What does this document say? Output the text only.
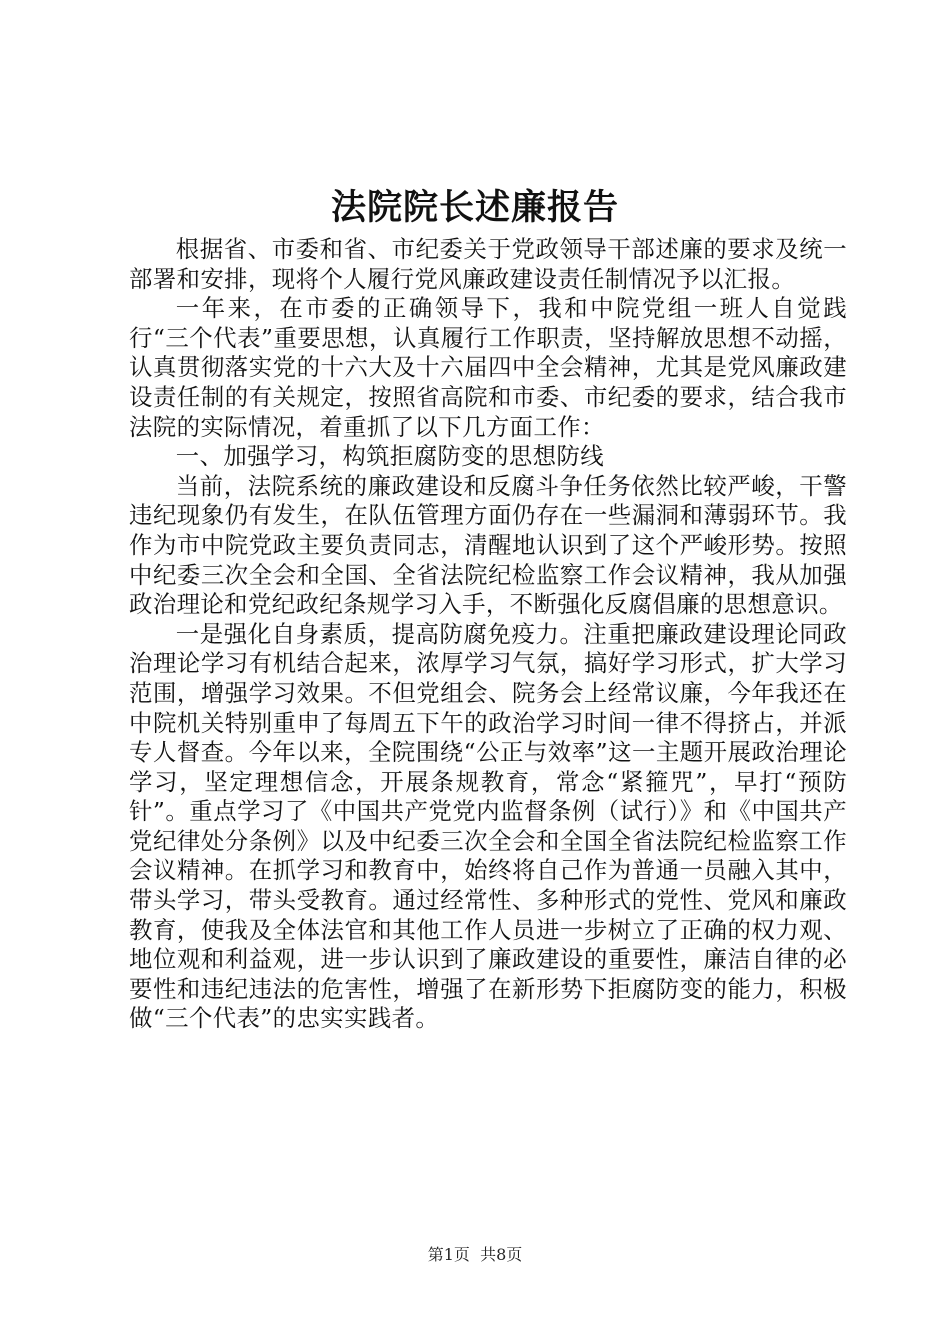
法院院长述廉报告

根据省、市委和省、市纪委关于党政领导干部述廉的要求及统一部署和安排，现将个人履行党风廉政建设责任制情况予以汇报。

一年来，在市委的正确领导下，我和中院党组一班人自觉践行“三个代表”重要思想，认真履行工作职责，坚持解放思想不动摇，认真贯彻落实党的十六大及十六届四中全会精神，尤其是党风廉政建设责任制的有关规定，按照省高院和市委、市纪委的要求，结合我市法院的实际情况，着重抓了以下几方面工作：

一、加强学习，构筑拒腐防变的思想防线

当前，法院系统的廉政建设和反腐斗争任务依然比较严峻，干警违纪现象仍有发生，在队伍管理方面仍存在一些漏洞和薄弱环节。我作为市中院党政主要负责同志，清醒地认识到了这个严峻形势。按照中纪委三次全会和全国、全省法院纪检监察工作会议精神，我从加强政治理论和党纪政纪条规学习入手，不断强化反腐倡廉的思想意识。

一是强化自身素质，提高防腐免疫力。注重把廉政建设理论同政治理论学习有机结合起来，浓厚学习气氛，搞好学习形式，扩大学习范围，增强学习效果。不但党组会、院务会上经常议廉，今年我还在中院机关特别重申了每周五下午的政治学习时间一律不得挤占，并派专人督查。今年以来，全院围绕“公正与效率”这一主题开展政治理论学习，坚定理想信念，开展条规教育，常念“紧箍咒”，早打“预防针”。重点学习了《中国共产党党内监督条例（试行）》和《中国共产党纪律处分条例》以及中纪委三次全会和全国全省法院纪检监察工作会议精神。在抓学习和教育中，始终将自己作为普通一员融入其中，带头学习，带头受教育。通过经常性、多种形式的党性、党风和廉政教育，使我及全体法官和其他工作人员进一步树立了正确的权力观、地位观和利益观，进一步认识到了廉政建设的重要性，廉洁自律的必要性和违纪违法的危害性，增强了在新形势下拒腐防变的能力，积极做“三个代表”的忠实实践者。

第1页 共8页
